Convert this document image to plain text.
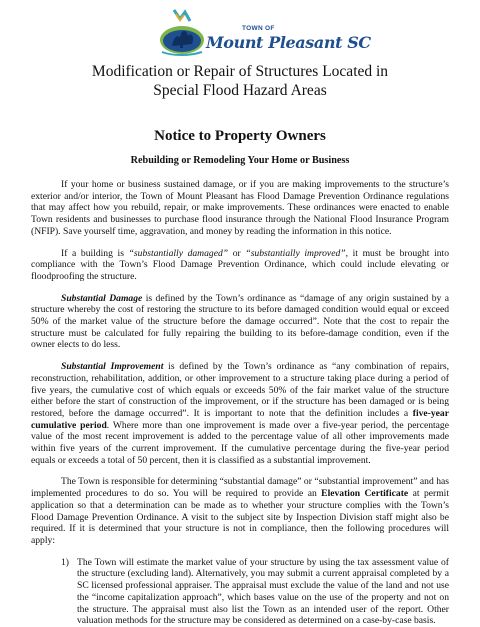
TOWN OF
Mount Pleasant SC
Modification or Repair of Structures Located in
Special Flood Hazard Areas
Notice to Property Owners
Rebuilding or Remodeling Your Home or Business

If your home or business sustained damage, or if you are making improvements to the structure’s exterior and/or interior, the Town of Mount Pleasant has Flood Damage Prevention Ordinance regulations that may affect how you rebuild, repair, or make improvements. These ordinances were enacted to enable Town residents and businesses to purchase flood insurance through the National Flood Insurance Program (NFIP). Save yourself time, aggravation, and money by reading the information in this notice.

If a building is “substantially damaged” or “substantially improved”, it must be brought into compliance with the Town’s Flood Damage Prevention Ordinance, which could include elevating or floodproofing the structure.

Substantial Damage is defined by the Town’s ordinance as “damage of any origin sustained by a structure whereby the cost of restoring the structure to its before damaged condition would equal or exceed 50% of the market value of the structure before the damage occurred”. Note that the cost to repair the structure must be calculated for fully repairing the building to its before-damage condition, even if the owner elects to do less.

Substantial Improvement is defined by the Town’s ordinance as “any combination of repairs, reconstruction, rehabilitation, addition, or other improvement to a structure taking place during a period of five years, the cumulative cost of which equals or exceeds 50% of the fair market value of the structure either before the start of construction of the improvement, or if the structure has been damaged or is being restored, before the damage occurred”. It is important to note that the definition includes a five-year cumulative period. Where more than one improvement is made over a five-year period, the percentage value of the most recent improvement is added to the percentage value of all other improvements made within five years of the current improvement. If the cumulative percentage during the five-year period equals or exceeds a total of 50 percent, then it is classified as a substantial improvement.

The Town is responsible for determining “substantial damage” or “substantial improvement” and has implemented procedures to do so. You will be required to provide an Elevation Certificate at permit application so that a determination can be made as to whether your structure complies with the Town’s Flood Damage Prevention Ordinance. A visit to the subject site by Inspection Division staff might also be required. If it is determined that your structure is not in compliance, then the following procedures will apply:

1) The Town will estimate the market value of your structure by using the tax assessment value of the structure (excluding land). Alternatively, you may submit a current appraisal completed by a SC licensed professional appraiser. The appraisal must exclude the value of the land and not use the “income capitalization approach”, which bases value on the use of the property and not on the structure. The appraisal must also list the Town as an intended user of the report. Other valuation methods for the structure may be considered as determined on a case-by-case basis.
